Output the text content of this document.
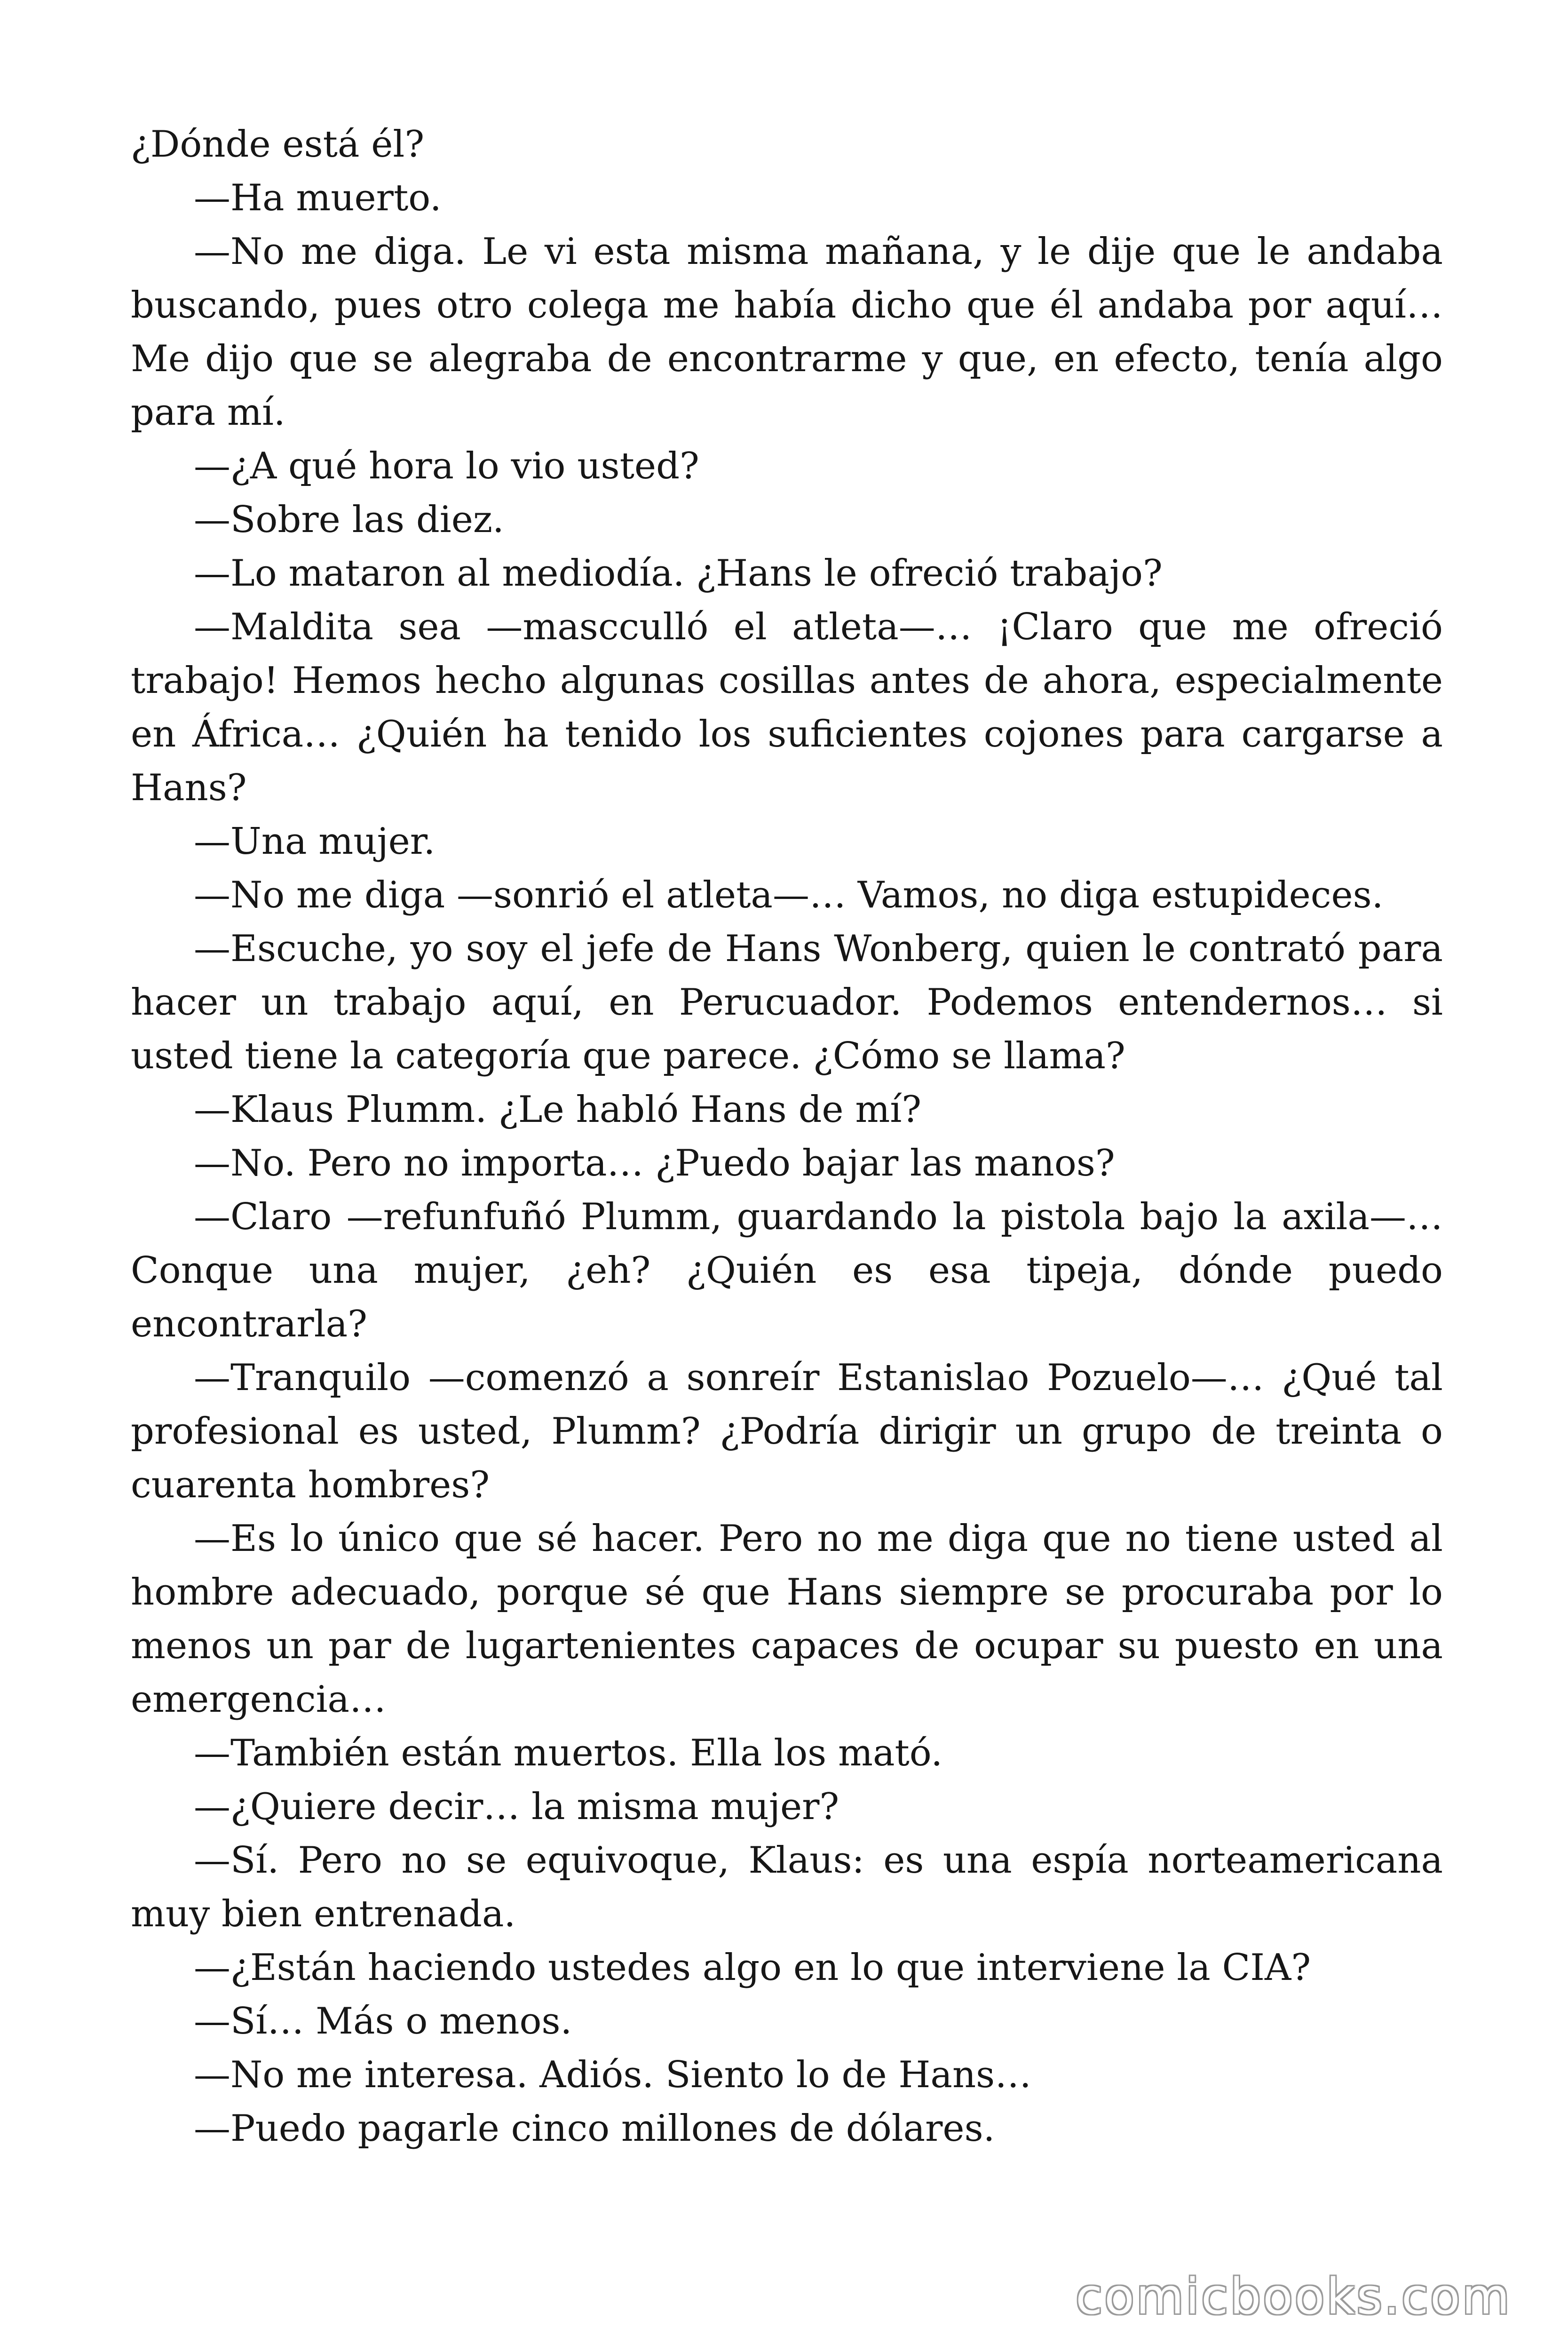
¿Dónde está él?

—Ha muerto.

—No me diga. Le vi esta misma mañana, y le dije que le andaba buscando, pues otro colega me había dicho que él andaba por aquí… Me dijo que se alegraba de encontrarme y que, en efecto, tenía algo para mí.

—¿A qué hora lo vio usted?

—Sobre las diez.

—Lo mataron al mediodía. ¿Hans le ofreció trabajo?

—Maldita sea —mascculló el atleta—… ¡Claro que me ofreció trabajo! Hemos hecho algunas cosillas antes de ahora, especialmente en África… ¿Quién ha tenido los suficientes cojones para cargarse a Hans?

—Una mujer.

—No me diga —sonrió el atleta—… Vamos, no diga estupideces.

—Escuche, yo soy el jefe de Hans Wonberg, quien le contrató para hacer un trabajo aquí, en Perucuador. Podemos entendernos… si usted tiene la categoría que parece. ¿Cómo se llama?

—Klaus Plumm. ¿Le habló Hans de mí?

—No. Pero no importa… ¿Puedo bajar las manos?

—Claro —refunfuñó Plumm, guardando la pistola bajo la axila—… Conque una mujer, ¿eh? ¿Quién es esa tipeja, dónde puedo encontrarla?

—Tranquilo —comenzó a sonreír Estanislao Pozuelo—… ¿Qué tal profesional es usted, Plumm? ¿Podría dirigir un grupo de treinta o cuarenta hombres?

—Es lo único que sé hacer. Pero no me diga que no tiene usted al hombre adecuado, porque sé que Hans siempre se procuraba por lo menos un par de lugartenientes capaces de ocupar su puesto en una emergencia…

—También están muertos. Ella los mató.

—¿Quiere decir… la misma mujer?

—Sí. Pero no se equivoque, Klaus: es una espía norteamericana muy bien entrenada.

—¿Están haciendo ustedes algo en lo que interviene la CIA?

—Sí… Más o menos.

—No me interesa. Adiós. Siento lo de Hans…

—Puedo pagarle cinco millones de dólares.

comicbooks.com
